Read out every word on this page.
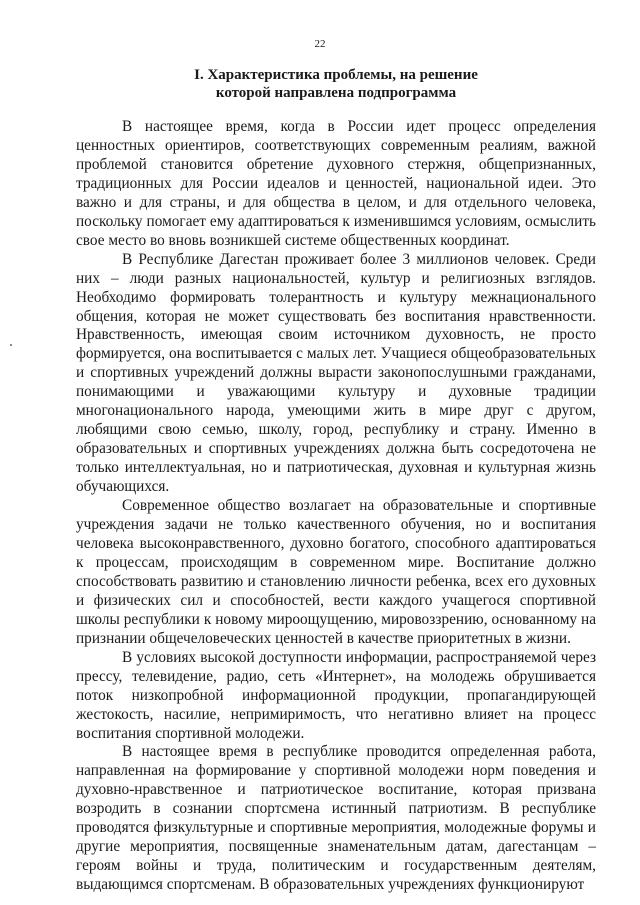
22
I. Характеристика проблемы, на решение
которой направлена подпрограмма

В настоящее время, когда в России идет процесс определения ценностных ориентиров, соответствующих современным реалиям, важной проблемой становится обретение духовного стержня, общепризнанных, традиционных для России идеалов и ценностей, национальной идеи. Это важно и для страны, и для общества в целом, и для отдельного человека, поскольку помогает ему адаптироваться к изменившимся условиям, осмыслить свое место во вновь возникшей системе общественных координат.

В Республике Дагестан проживает более 3 миллионов человек. Среди них – люди разных национальностей, культур и религиозных взглядов. Необходимо формировать толерантность и культуру межнационального общения, которая не может существовать без воспитания нравственности. Нравственность, имеющая своим источником духовность, не просто формируется, она воспитывается с малых лет. Учащиеся общеобразовательных и спортивных учреждений должны вырасти законопослушными гражданами, понимающими и уважающими культуру и духовные традиции многонационального народа, умеющими жить в мире друг с другом, любящими свою семью, школу, город, республику и страну. Именно в образовательных и спортивных учреждениях должна быть сосредоточена не только интеллектуальная, но и патриотическая, духовная и культурная жизнь обучающихся.

Современное общество возлагает на образовательные и спортивные учреждения задачи не только качественного обучения, но и воспитания человека высоконравственного, духовно богатого, способного адаптироваться к процессам, происходящим в современном мире. Воспитание должно способствовать развитию и становлению личности ребенка, всех его духовных и физических сил и способностей, вести каждого учащегося спортивной школы республики к новому мироощущению, мировоззрению, основанному на признании общечеловеческих ценностей в качестве приоритетных в жизни.

В условиях высокой доступности информации, распространяемой через прессу, телевидение, радио, сеть «Интернет», на молодежь обрушивается поток низкопробной информационной продукции, пропагандирующей жестокость, насилие, непримиримость, что негативно влияет на процесс воспитания спортивной молодежи.

В настоящее время в республике проводится определенная работа, направленная на формирование у спортивной молодежи норм поведения и духовно-нравственное и патриотическое воспитание, которая призвана возродить в сознании спортсмена истинный патриотизм. В республике проводятся физкультурные и спортивные мероприятия, молодежные форумы и другие мероприятия, посвященные знаменательным датам, дагестанцам – героям войны и труда, политическим и государственным деятелям, выдающимся спортсменам. В образовательных учреждениях функционируют
